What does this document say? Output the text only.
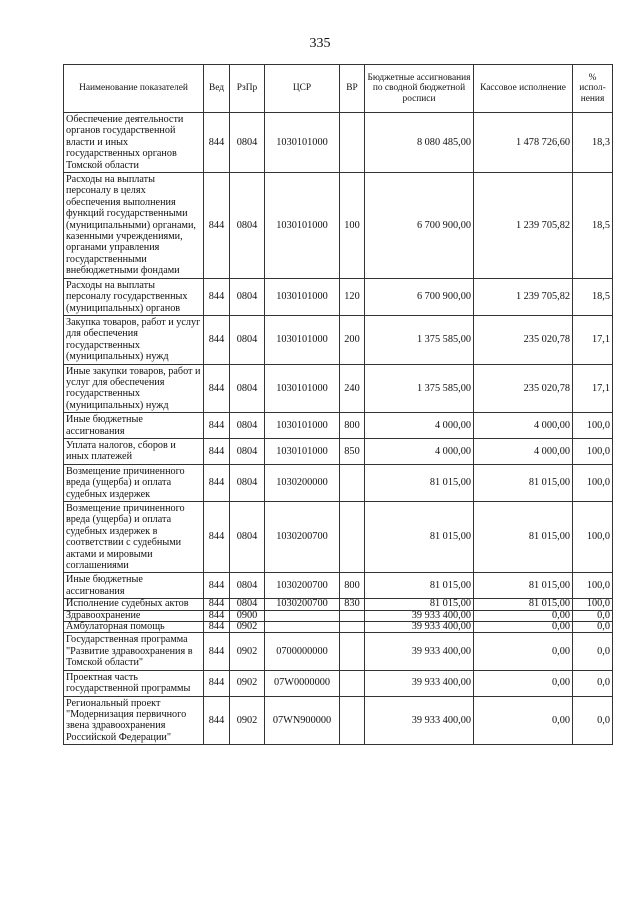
335
Наименование показателей	Вед	РзПр	ЦСР	ВР	Бюджетные ассигнования по сводной бюджетной росписи	Кассовое исполнение	% испол-нения
Обеспечение деятельности органов государственной власти и иных государственных органов Томской области	844	0804	1030101000		8 080 485,00	1 478 726,60	18,3
Расходы на выплаты персоналу в целях обеспечения выполнения функций государственными (муниципальными) органами, казенными учреждениями, органами управления государственными внебюджетными фондами	844	0804	1030101000	100	6 700 900,00	1 239 705,82	18,5
Расходы на выплаты персоналу государственных (муниципальных) органов	844	0804	1030101000	120	6 700 900,00	1 239 705,82	18,5
Закупка товаров, работ и услуг для обеспечения государственных (муниципальных) нужд	844	0804	1030101000	200	1 375 585,00	235 020,78	17,1
Иные закупки товаров, работ и услуг для обеспечения государственных (муниципальных) нужд	844	0804	1030101000	240	1 375 585,00	235 020,78	17,1
Иные бюджетные ассигнования	844	0804	1030101000	800	4 000,00	4 000,00	100,0
Уплата налогов, сборов и иных платежей	844	0804	1030101000	850	4 000,00	4 000,00	100,0
Возмещение причиненного вреда (ущерба) и оплата судебных издержек	844	0804	1030200000		81 015,00	81 015,00	100,0
Возмещение причиненного вреда (ущерба) и оплата судебных издержек в соответствии с судебными актами и мировыми соглашениями	844	0804	1030200700		81 015,00	81 015,00	100,0
Иные бюджетные ассигнования	844	0804	1030200700	800	81 015,00	81 015,00	100,0
Исполнение судебных актов	844	0804	1030200700	830	81 015,00	81 015,00	100,0
Здравоохранение	844	0900			39 933 400,00	0,00	0,0
Амбулаторная помощь	844	0902			39 933 400,00	0,00	0,0
Государственная программа "Развитие здравоохранения в Томской области"	844	0902	0700000000		39 933 400,00	0,00	0,0
Проектная часть государственной программы	844	0902	07W0000000		39 933 400,00	0,00	0,0
Региональный проект "Модернизация первичного звена здравоохранения Российской Федерации"	844	0902	07WN900000		39 933 400,00	0,00	0,0
